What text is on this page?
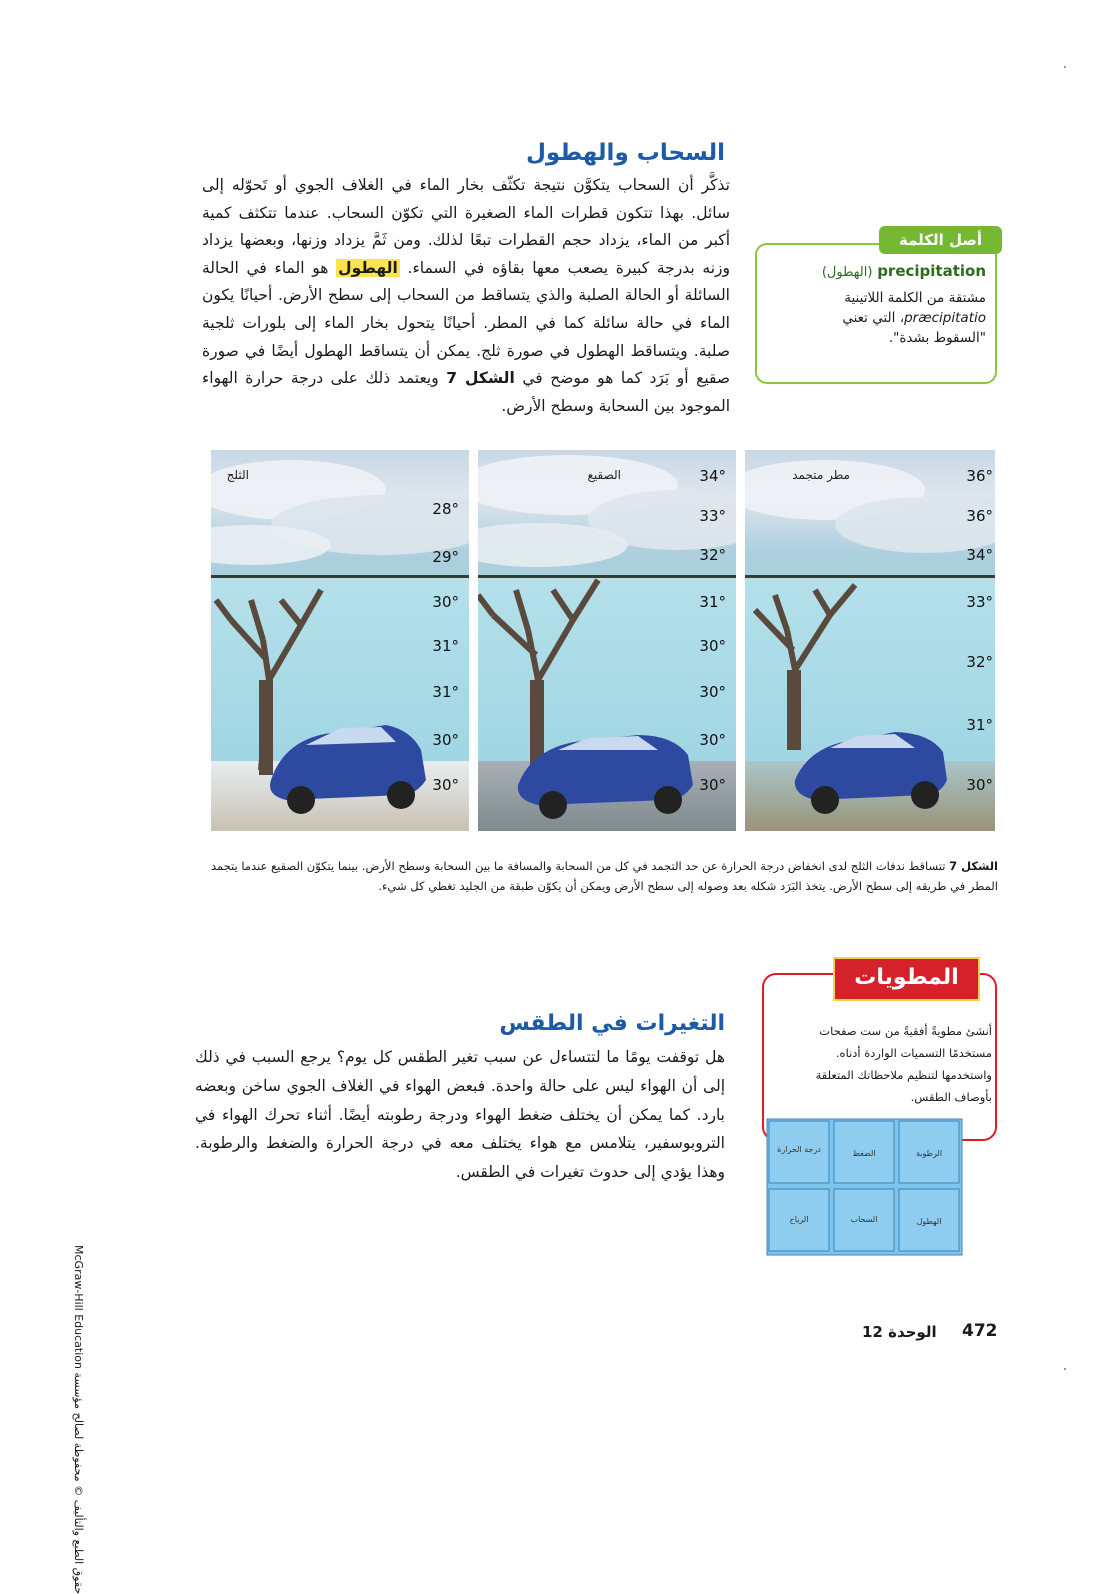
السحاب والهطول
تذكَّر أن السحاب يتكوَّن نتيجة تكثّف بخار الماء في الغلاف الجوي أو تَحوّله إلى سائل. بهذا تتكون قطرات الماء الصغيرة التي تكوّن السحاب. عندما تتكثف كمية أكبر من الماء، يزداد حجم القطرات تبعًا لذلك. ومن ثَمَّ يزداد وزنها، وبعضها يزداد وزنه بدرجة كبيرة يصعب معها بقاؤه في السماء. الهطول هو الماء في الحالة السائلة أو الحالة الصلبة والذي يتساقط من السحاب إلى سطح الأرض. أحيانًا يكون الماء في حالة سائلة كما في المطر. أحيانًا يتحول بخار الماء إلى بلورات ثلجية صلبة. ويتساقط الهطول في صورة ثلج. يمكن أن يتساقط الهطول أيضًا في صورة صقيع أو بَرَد كما هو موضح في الشكل 7 ويعتمد ذلك على درجة حرارة الهواء الموجود بين السحابة وسطح الأرض.
أصل الكلمة
precipitation (الهطول)
مشتقة من الكلمة اللاتينية præcipitatio، التي تعني "السقوط بشدة".
الثلج
28°
29°
30°
31°
31°
30°
30°
الصقيع	34°
33°
32°
31°
30°
30°
30°
30°
مطر متجمد	36°
36°
34°
33°
32°
31°
30°
الشكل 7 تتساقط ندفات الثلج لدى انخفاض درجة الحرارة عن حد التجمد في كل من السحابة والمسافة ما بين السحابة وسطح الأرض. بينما يتكوّن الصقيع عندما يتجمد المطر في طريقه إلى سطح الأرض. يتخذ البَرَد شكله بعد وصوله إلى سطح الأرض ويمكن أن يكوّن طبقة من الجليد تغطي كل شيء.
المطويات
أنشئ مطويةً أفقيةً من ست صفحات مستخدمًا التسميات الواردة أدناه. واستخدمها لتنظيم ملاحظاتك المتعلقة بأوصاف الطقس.
درجة الحرارة	الضغط	الرطوبة
الرياح	السحاب	الهطول
التغيرات في الطقس
هل توقفت يومًا ما لتتساءل عن سبب تغير الطقس كل يوم؟ يرجع السبب في ذلك إلى أن الهواء ليس على حالة واحدة. فبعض الهواء في الغلاف الجوي ساخن وبعضه بارد. كما يمكن أن يختلف ضغط الهواء ودرجة رطوبته أيضًا. أثناء تحرك الهواء في التروبوسفير، يتلامس مع هواء يختلف معه في درجة الحرارة والضغط والرطوبة. وهذا يؤدي إلى حدوث تغيرات في الطقس.
الوحدة 12 472
McGraw-Hill Education حقوق الطبع والتأليف © محفوظة لصالح مؤسسة
